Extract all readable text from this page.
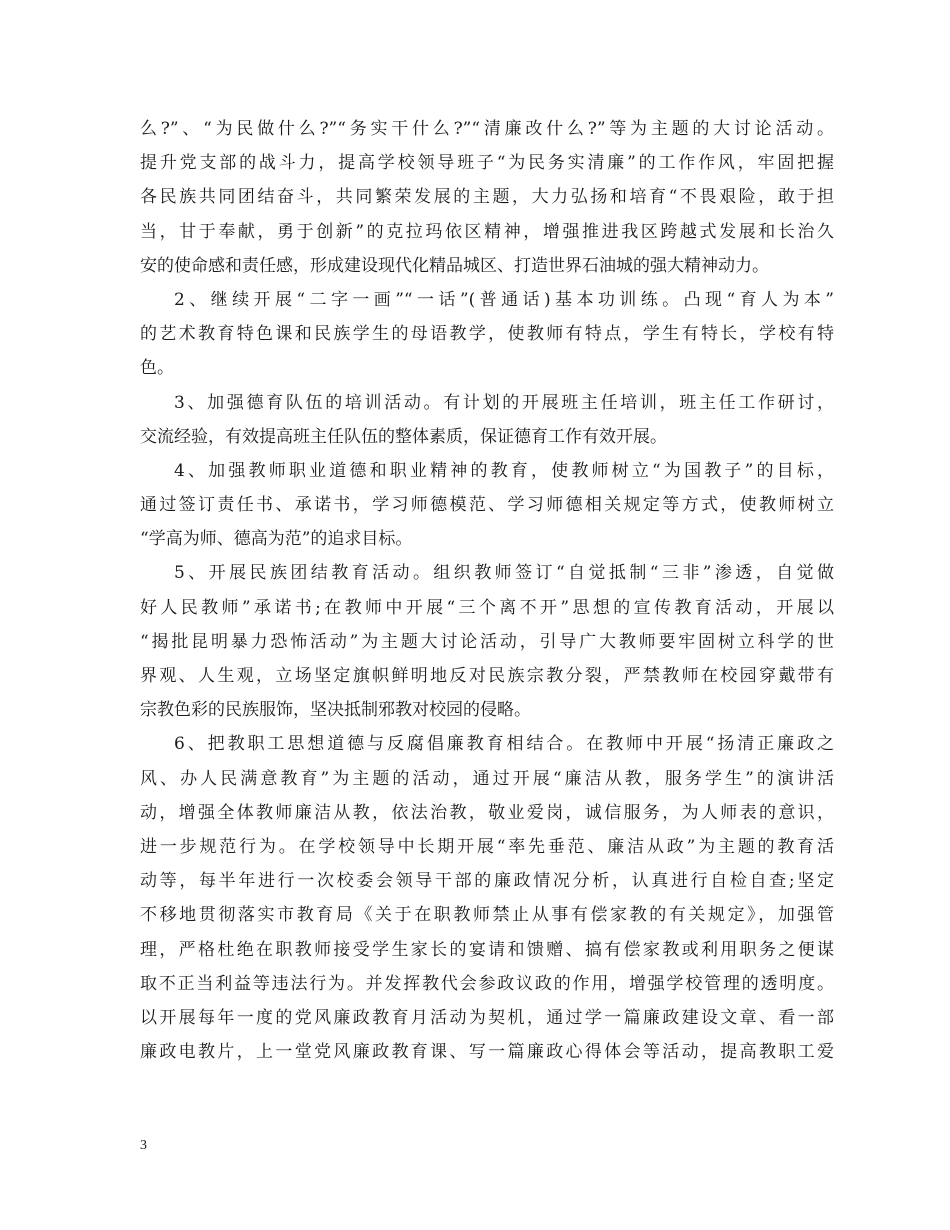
么?”、“为民做什么?”“务实干什么?”“清廉改什么?”等为主题的大讨论活动。
提升党支部的战斗力，提高学校领导班子“为民务实清廉”的工作作风，牢固把握
各民族共同团结奋斗，共同繁荣发展的主题，大力弘扬和培育“不畏艰险，敢于担
当，甘于奉献，勇于创新”的克拉玛依区精神，增强推进我区跨越式发展和长治久
安的使命感和责任感，形成建设现代化精品城区、打造世界石油城的强大精神动力。
2、继续开展“二字一画”“一话”(普通话)基本功训练。凸现“育人为本”
的艺术教育特色课和民族学生的母语教学，使教师有特点，学生有特长，学校有特
色。
3、加强德育队伍的培训活动。有计划的开展班主任培训，班主任工作研讨，
交流经验，有效提高班主任队伍的整体素质，保证德育工作有效开展。
4、加强教师职业道德和职业精神的教育，使教师树立“为国教子”的目标，
通过签订责任书、承诺书，学习师德模范、学习师德相关规定等方式，使教师树立
“学高为师、德高为范”的追求目标。
5、开展民族团结教育活动。组织教师签订“自觉抵制“三非”渗透，自觉做
好人民教师”承诺书;在教师中开展“三个离不开”思想的宣传教育活动，开展以
“揭批昆明暴力恐怖活动”为主题大讨论活动，引导广大教师要牢固树立科学的世
界观、人生观，立场坚定旗帜鲜明地反对民族宗教分裂，严禁教师在校园穿戴带有
宗教色彩的民族服饰，坚决抵制邪教对校园的侵略。
6、把教职工思想道德与反腐倡廉教育相结合。在教师中开展“扬清正廉政之
风、办人民满意教育”为主题的活动，通过开展“廉洁从教，服务学生”的演讲活
动，增强全体教师廉洁从教，依法治教，敬业爱岗，诚信服务，为人师表的意识，
进一步规范行为。在学校领导中长期开展“率先垂范、廉洁从政”为主题的教育活
动等，每半年进行一次校委会领导干部的廉政情况分析，认真进行自检自查;坚定
不移地贯彻落实市教育局《关于在职教师禁止从事有偿家教的有关规定》，加强管
理，严格杜绝在职教师接受学生家长的宴请和馈赠、搞有偿家教或利用职务之便谋
取不正当利益等违法行为。并发挥教代会参政议政的作用，增强学校管理的透明度。
以开展每年一度的党风廉政教育月活动为契机，通过学一篇廉政建设文章、看一部
廉政电教片，上一堂党风廉政教育课、写一篇廉政心得体会等活动，提高教职工爱
3
